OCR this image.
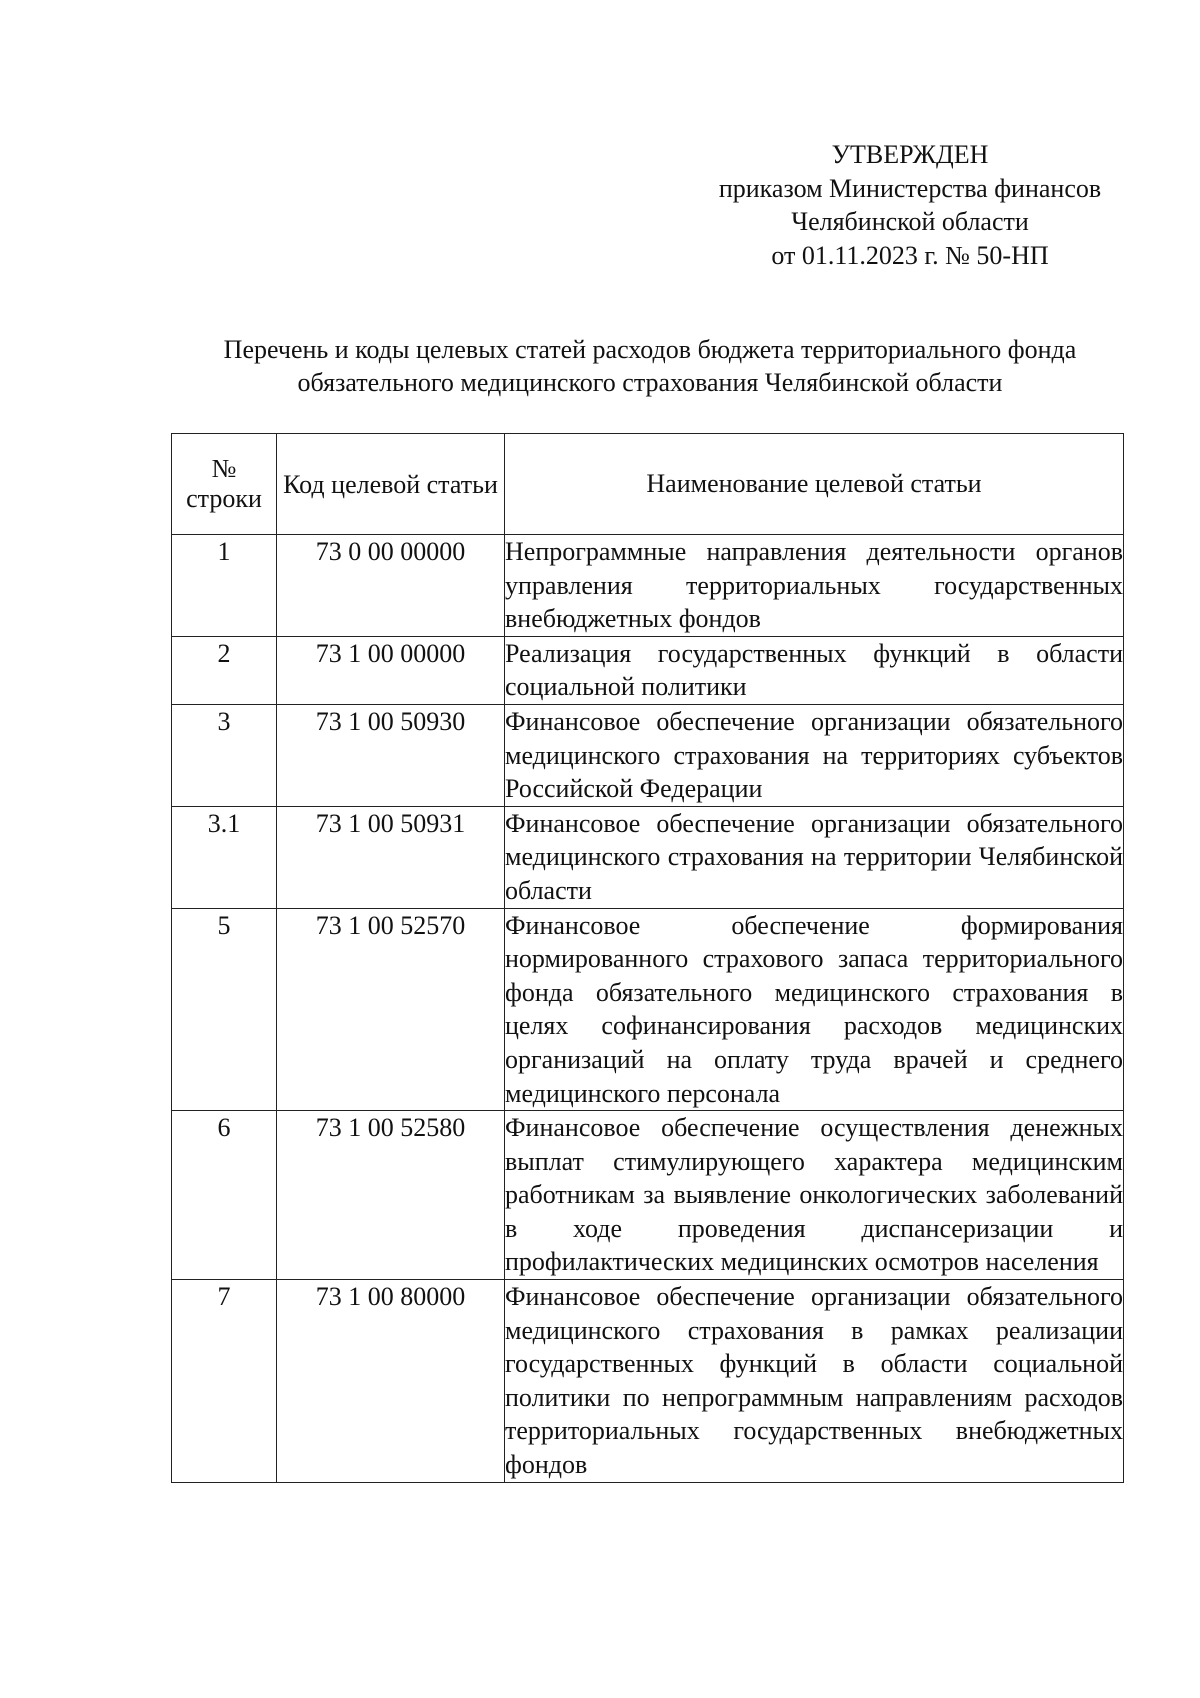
УТВЕРЖДЕН
приказом Министерства финансов
Челябинской области
от 01.11.2023 г. № 50-НП
Перечень и коды целевых статей расходов бюджета территориального фонда
обязательного медицинского страхования Челябинской области
№ строки	Код целевой статьи	Наименование целевой статьи

1	73 0 00 00000	Непрограммные направления деятельности органов управления территориальных государственных внебюджетных фондов
2	73 1 00 00000	Реализация государственных функций в области социальной политики
3	73 1 00 50930	Финансовое обеспечение организации обязательного медицинского страхования на территориях субъектов Российской Федерации
3.1	73 1 00 50931	Финансовое обеспечение организации обязательного медицинского страхования на территории Челябинской области
5	73 1 00 52570	Финансовое обеспечение формирования нормированного страхового запаса территориального фонда обязательного медицинского страхования в целях софинансирования расходов медицинских организаций на оплату труда врачей и среднего медицинского персонала
6	73 1 00 52580	Финансовое обеспечение осуществления денежных выплат стимулирующего характера медицинским работникам за выявление онкологических заболеваний в ходе проведения диспансеризации и профилактических медицинских осмотров населения
7	73 1 00 80000	Финансовое обеспечение организации обязательного медицинского страхования в рамках реализации государственных функций в области социальной политики по непрограммным направлениям расходов территориальных государственных внебюджетных фондов
